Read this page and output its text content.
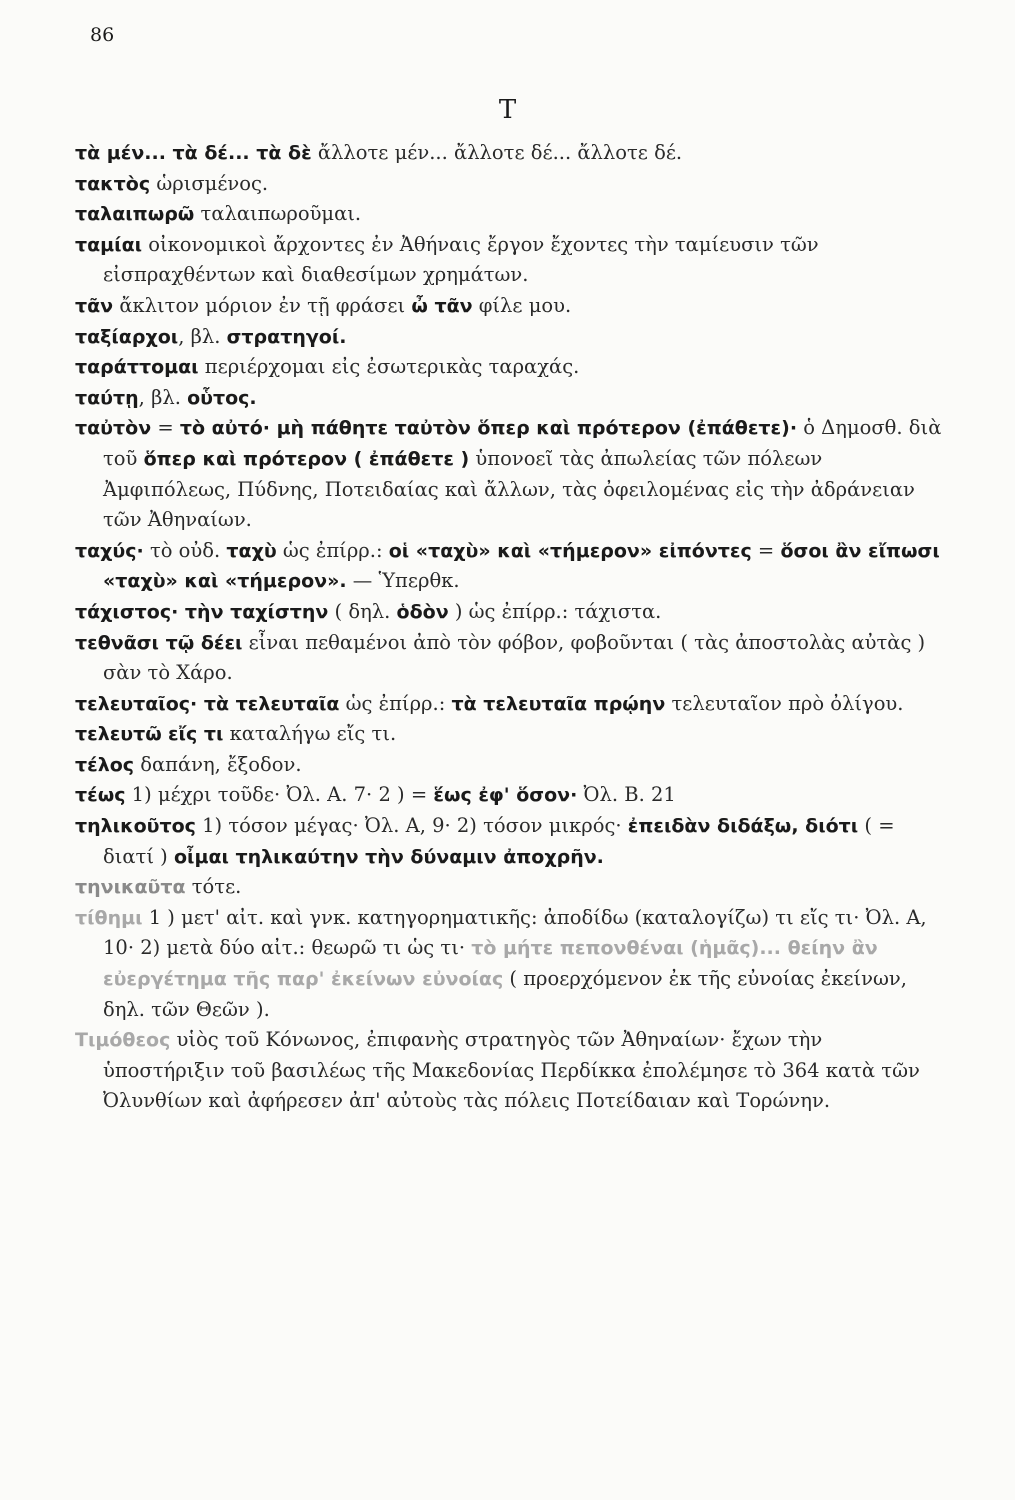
86
Τ

τὰ μέν... τὰ δέ... τὰ δὲ ἄλλοτε μέν... ἄλλοτε δέ... ἄλλοτε δέ.

τακτὸς ὡρισμένος.

ταλαιπωρῶ ταλαιπωροῦμαι.

ταμίαι οἰκονομικοὶ ἄρχοντες ἐν Ἀθήναις ἔργον ἔχοντες τὴν ταμίευσιν τῶν εἰσπραχθέντων καὶ διαθεσίμων χρημάτων.

τᾶν ἄκλιτον μόριον ἐν τῇ φράσει ὦ τᾶν φίλε μου.

ταξίαρχοι, βλ. στρατηγοί.

ταράττομαι περιέρχομαι εἰς ἐσωτερικὰς ταραχάς.

ταύτῃ, βλ. οὗτος.

ταὐτὸν = τὸ αὐτό· μὴ πάθητε ταὐτὸν ὅπερ καὶ πρότερον (ἐπάθετε)· ὁ Δημοσθ. διὰ τοῦ ὅπερ καὶ πρότερον ( ἐπάθετε ) ὑπονοεῖ τὰς ἀπωλείας τῶν πόλεων Ἀμφιπόλεως, Πύδνης, Ποτειδαίας καὶ ἄλλων, τὰς ὀφειλομένας εἰς τὴν ἀδράνειαν τῶν Ἀθηναίων.

ταχύς· τὸ οὐδ. ταχὺ ὡς ἐπίρρ.: οἱ «ταχὺ» καὶ «τήμερον» εἰπόντες = ὅσοι ἂν εἴπωσι «ταχὺ» καὶ «τήμερον». — Ὑπερθκ.

τάχιστος· τὴν ταχίστην ( δηλ. ὁδὸν ) ὡς ἐπίρρ.: τάχιστα.

τεθνᾶσι τῷ δέει εἶναι πεθαμένοι ἀπὸ τὸν φόβον, φοβοῦνται ( τὰς ἀποστολὰς αὐτὰς ) σὰν τὸ Χάρο.

τελευταῖος· τὰ τελευταῖα ὡς ἐπίρρ.: τὰ τελευταῖα πρῴην τελευταῖον πρὸ ὀλίγου.

τελευτῶ εἴς τι καταλήγω εἴς τι.

τέλος δαπάνη, ἔξοδον.

τέως 1) μέχρι τοῦδε· Ὀλ. Α. 7· 2 ) = ἕως ἐφ' ὅσον· Ὀλ. Β. 21

τηλικοῦτος 1) τόσον μέγας· Ὀλ. Α, 9· 2) τόσον μικρός· ἐπειδὰν διδάξω, διότι ( = διατί ) οἶμαι τηλικαύτην τὴν δύναμιν ἀποχρῆν.

τηνικαῦτα τότε.

τίθημι 1 ) μετ' αἰτ. καὶ γνκ. κατηγορηματικῆς: ἀποδίδω (καταλογίζω) τι εἴς τι· Ὀλ. Α, 10· 2) μετὰ δύο αἰτ.: θεωρῶ τι ὡς τι· τὸ μήτε πεπονθέναι (ἡμᾶς)... θείην ἂν εὐεργέτημα τῆς παρ' ἐκείνων εὐνοίας ( προερχόμενον ἐκ τῆς εὐνοίας ἐκείνων, δηλ. τῶν Θεῶν ).

Τιμόθεος υἱὸς τοῦ Κόνωνος, ἐπιφανὴς στρατηγὸς τῶν Ἀθηναίων· ἔχων τὴν ὑποστήριξιν τοῦ βασιλέως τῆς Μακεδονίας Περδίκκα ἐπολέμησε τὸ 364 κατὰ τῶν Ὀλυνθίων καὶ ἀφήρεσεν ἀπ' αὐτοὺς τὰς πόλεις Ποτείδαιαν καὶ Τορώνην.
